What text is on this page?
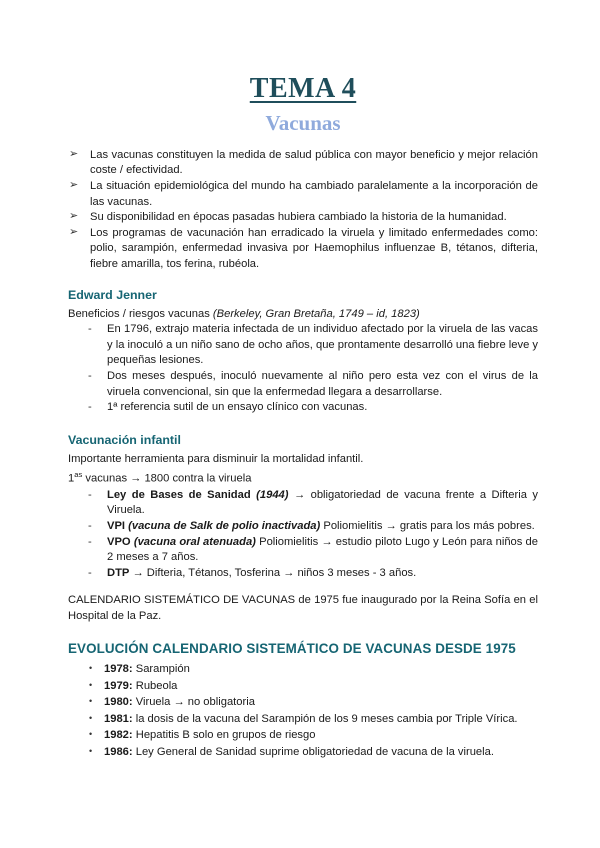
TEMA 4
Vacunas
➢ Las vacunas constituyen la medida de salud pública con mayor beneficio y mejor relación coste / efectividad.
➢ La situación epidemiológica del mundo ha cambiado paralelamente a la incorporación de las vacunas.
➢ Su disponibilidad en épocas pasadas hubiera cambiado la historia de la humanidad.
➢ Los programas de vacunación han erradicado la viruela y limitado enfermedades como: polio, sarampión, enfermedad invasiva por Haemophilus influenzae B, tétanos, difteria, fiebre amarilla, tos ferina, rubéola.
Edward Jenner

Beneficios / riesgos vacunas (Berkeley, Gran Bretaña, 1749 – id, 1823)

- En 1796, extrajo materia infectada de un individuo afectado por la viruela de las vacas y la inoculó a un niño sano de ocho años, que prontamente desarrolló una fiebre leve y pequeñas lesiones.
- Dos meses después, inoculó nuevamente al niño pero esta vez con el virus de la viruela convencional, sin que la enfermedad llegara a desarrollarse.
- 1ª referencia sutil de un ensayo clínico con vacunas.
Vacunación infantil

Importante herramienta para disminuir la mortalidad infantil.

$1^{as}$ vacunas → 1800 contra la viruela

- Ley de Bases de Sanidad (1944) → obligatoriedad de vacuna frente a Difteria y Viruela.
- VPI (vacuna de Salk de polio inactivada) Poliomielitis → gratis para los más pobres.
- VPO (vacuna oral atenuada) Poliomielitis → estudio piloto Lugo y León para niños de 2 meses a 7 años.
- DTP → Difteria, Tétanos, Tosferina → niños 3 meses - 3 años.

CALENDARIO SISTEMÁTICO DE VACUNAS de 1975 fue inaugurado por la Reina Sofía en el Hospital de la Paz.

EVOLUCIÓN CALENDARIO SISTEMÁTICO DE VACUNAS DESDE 1975
• 1978: Sarampión
• 1979: Rubeola
• 1980: Viruela → no obligatoria
• 1981: la dosis de la vacuna del Sarampión de los 9 meses cambia por Triple Vírica.
• 1982: Hepatitis B solo en grupos de riesgo
• 1986: Ley General de Sanidad suprime obligatoriedad de vacuna de la viruela.
